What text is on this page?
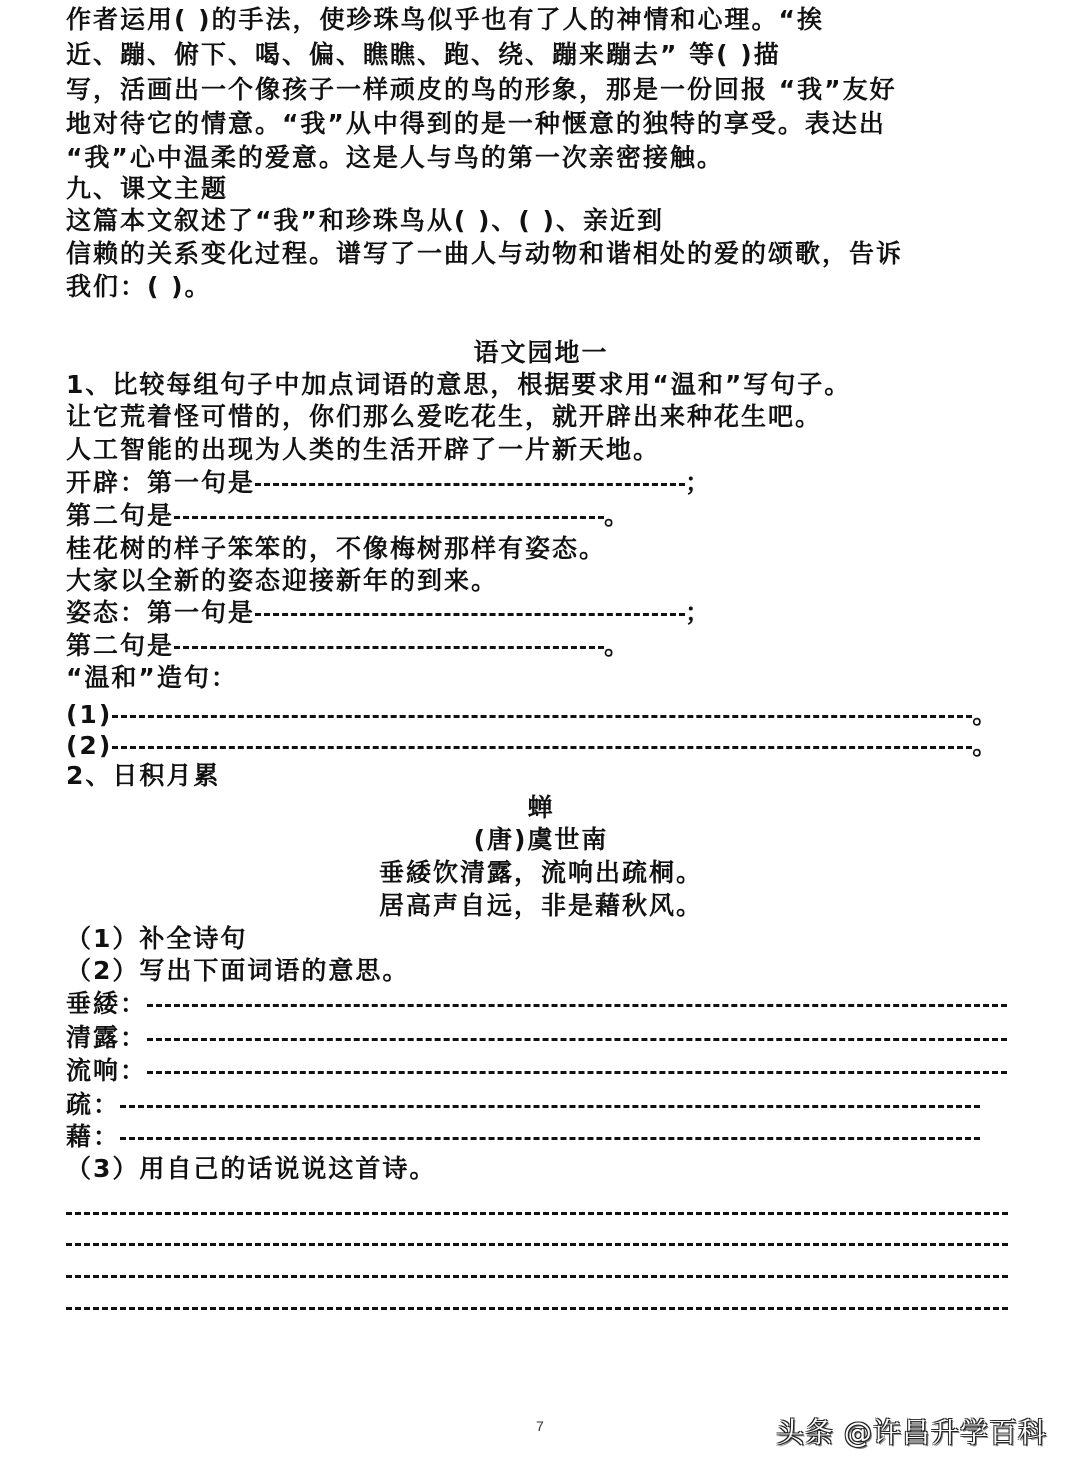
作者运用( )的手法，使珍珠鸟似乎也有了人的神情和心理。“挨
近、蹦、俯下、喝、偏、瞧瞧、跑、绕、蹦来蹦去” 等( )描
写，活画出一个像孩子一样顽皮的鸟的形象，那是一份回报 “我”友好
地对待它的情意。“我”从中得到的是一种惬意的独特的享受。表达出
“我”心中温柔的爱意。这是人与鸟的第一次亲密接触。
九、课文主题
这篇本文叙述了“我”和珍珠鸟从( )、( )、亲近到
信赖的关系变化过程。谱写了一曲人与动物和谐相处的爱的颂歌，告诉
我们：( )。
语文园地一
1、比较每组句子中加点词语的意思，根据要求用“温和”写句子。
让它荒着怪可惜的，你们那么爱吃花生，就开辟出来种花生吧。
人工智能的出现为人类的生活开辟了一片新天地。
开辟：第一句是	；
第二句是	。
桂花树的样子笨笨的，不像梅树那样有姿态。
大家以全新的姿态迎接新年的到来。
姿态：第一句是	；
第二句是	。
“温和”造句：
(1)	。
(2)	。
2、日积月累
蝉
(唐)虞世南
垂緌饮清露，流响出疏桐。
居高声自远，非是藉秋风。
（1）补全诗句
（2）写出下面词语的意思。
垂緌：
清露：
流响：
疏：
藉：
（3）用自己的话说说这首诗。
7	头条 @许昌升学百科
